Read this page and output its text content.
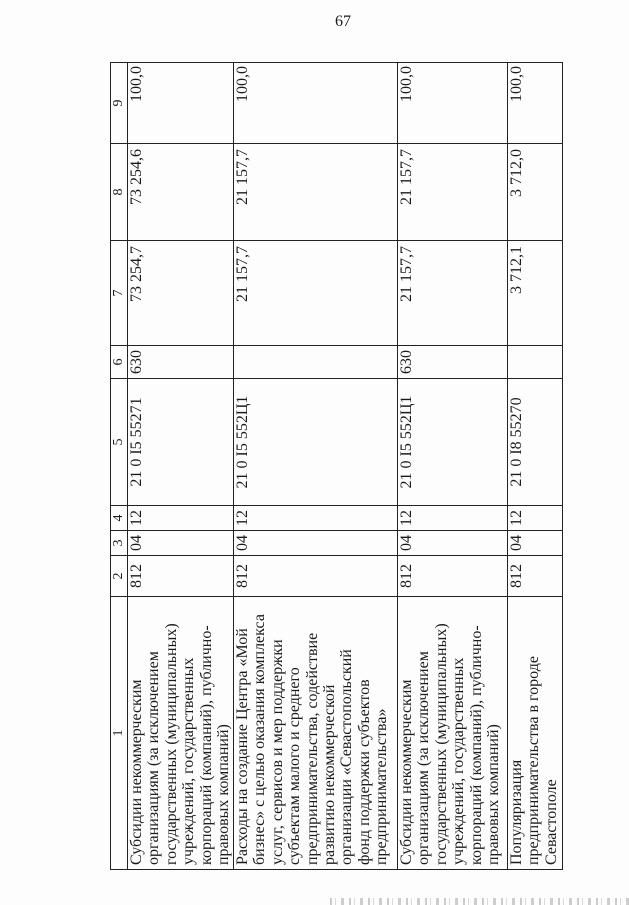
67
1
2
3
4
5
6
7
8
9
Субсидии некоммерческим
организациям (за исключением
государственных (муниципальных)
учреждений, государственных
корпораций (компаний), публично-
правовых компаний)
812
04
12
21 0 I5 55271
630
73 254,7
73 254,6
100,0
Расходы на создание Центра «Мой
бизнес» с целью оказания комплекса
услуг, сервисов и мер поддержки
субъектам малого и среднего
предпринимательства, содействие
развитию некоммерческой
организации «Севастопольский
фонд поддержки субъектов
предпринимательства»
812
04
12
21 0 I5 552Ц1
21 157,7
21 157,7
100,0
Субсидии некоммерческим
организациям (за исключением
государственных (муниципальных)
учреждений, государственных
корпораций (компаний), публично-
правовых компаний)
812
04
12
21 0 I5 552Ц1
630
21 157,7
21 157,7
100,0
Популяризация
предпринимательства в городе
Севастополе
812
04
12
21 0 I8 55270
3 712,1
3 712,0
100,0
